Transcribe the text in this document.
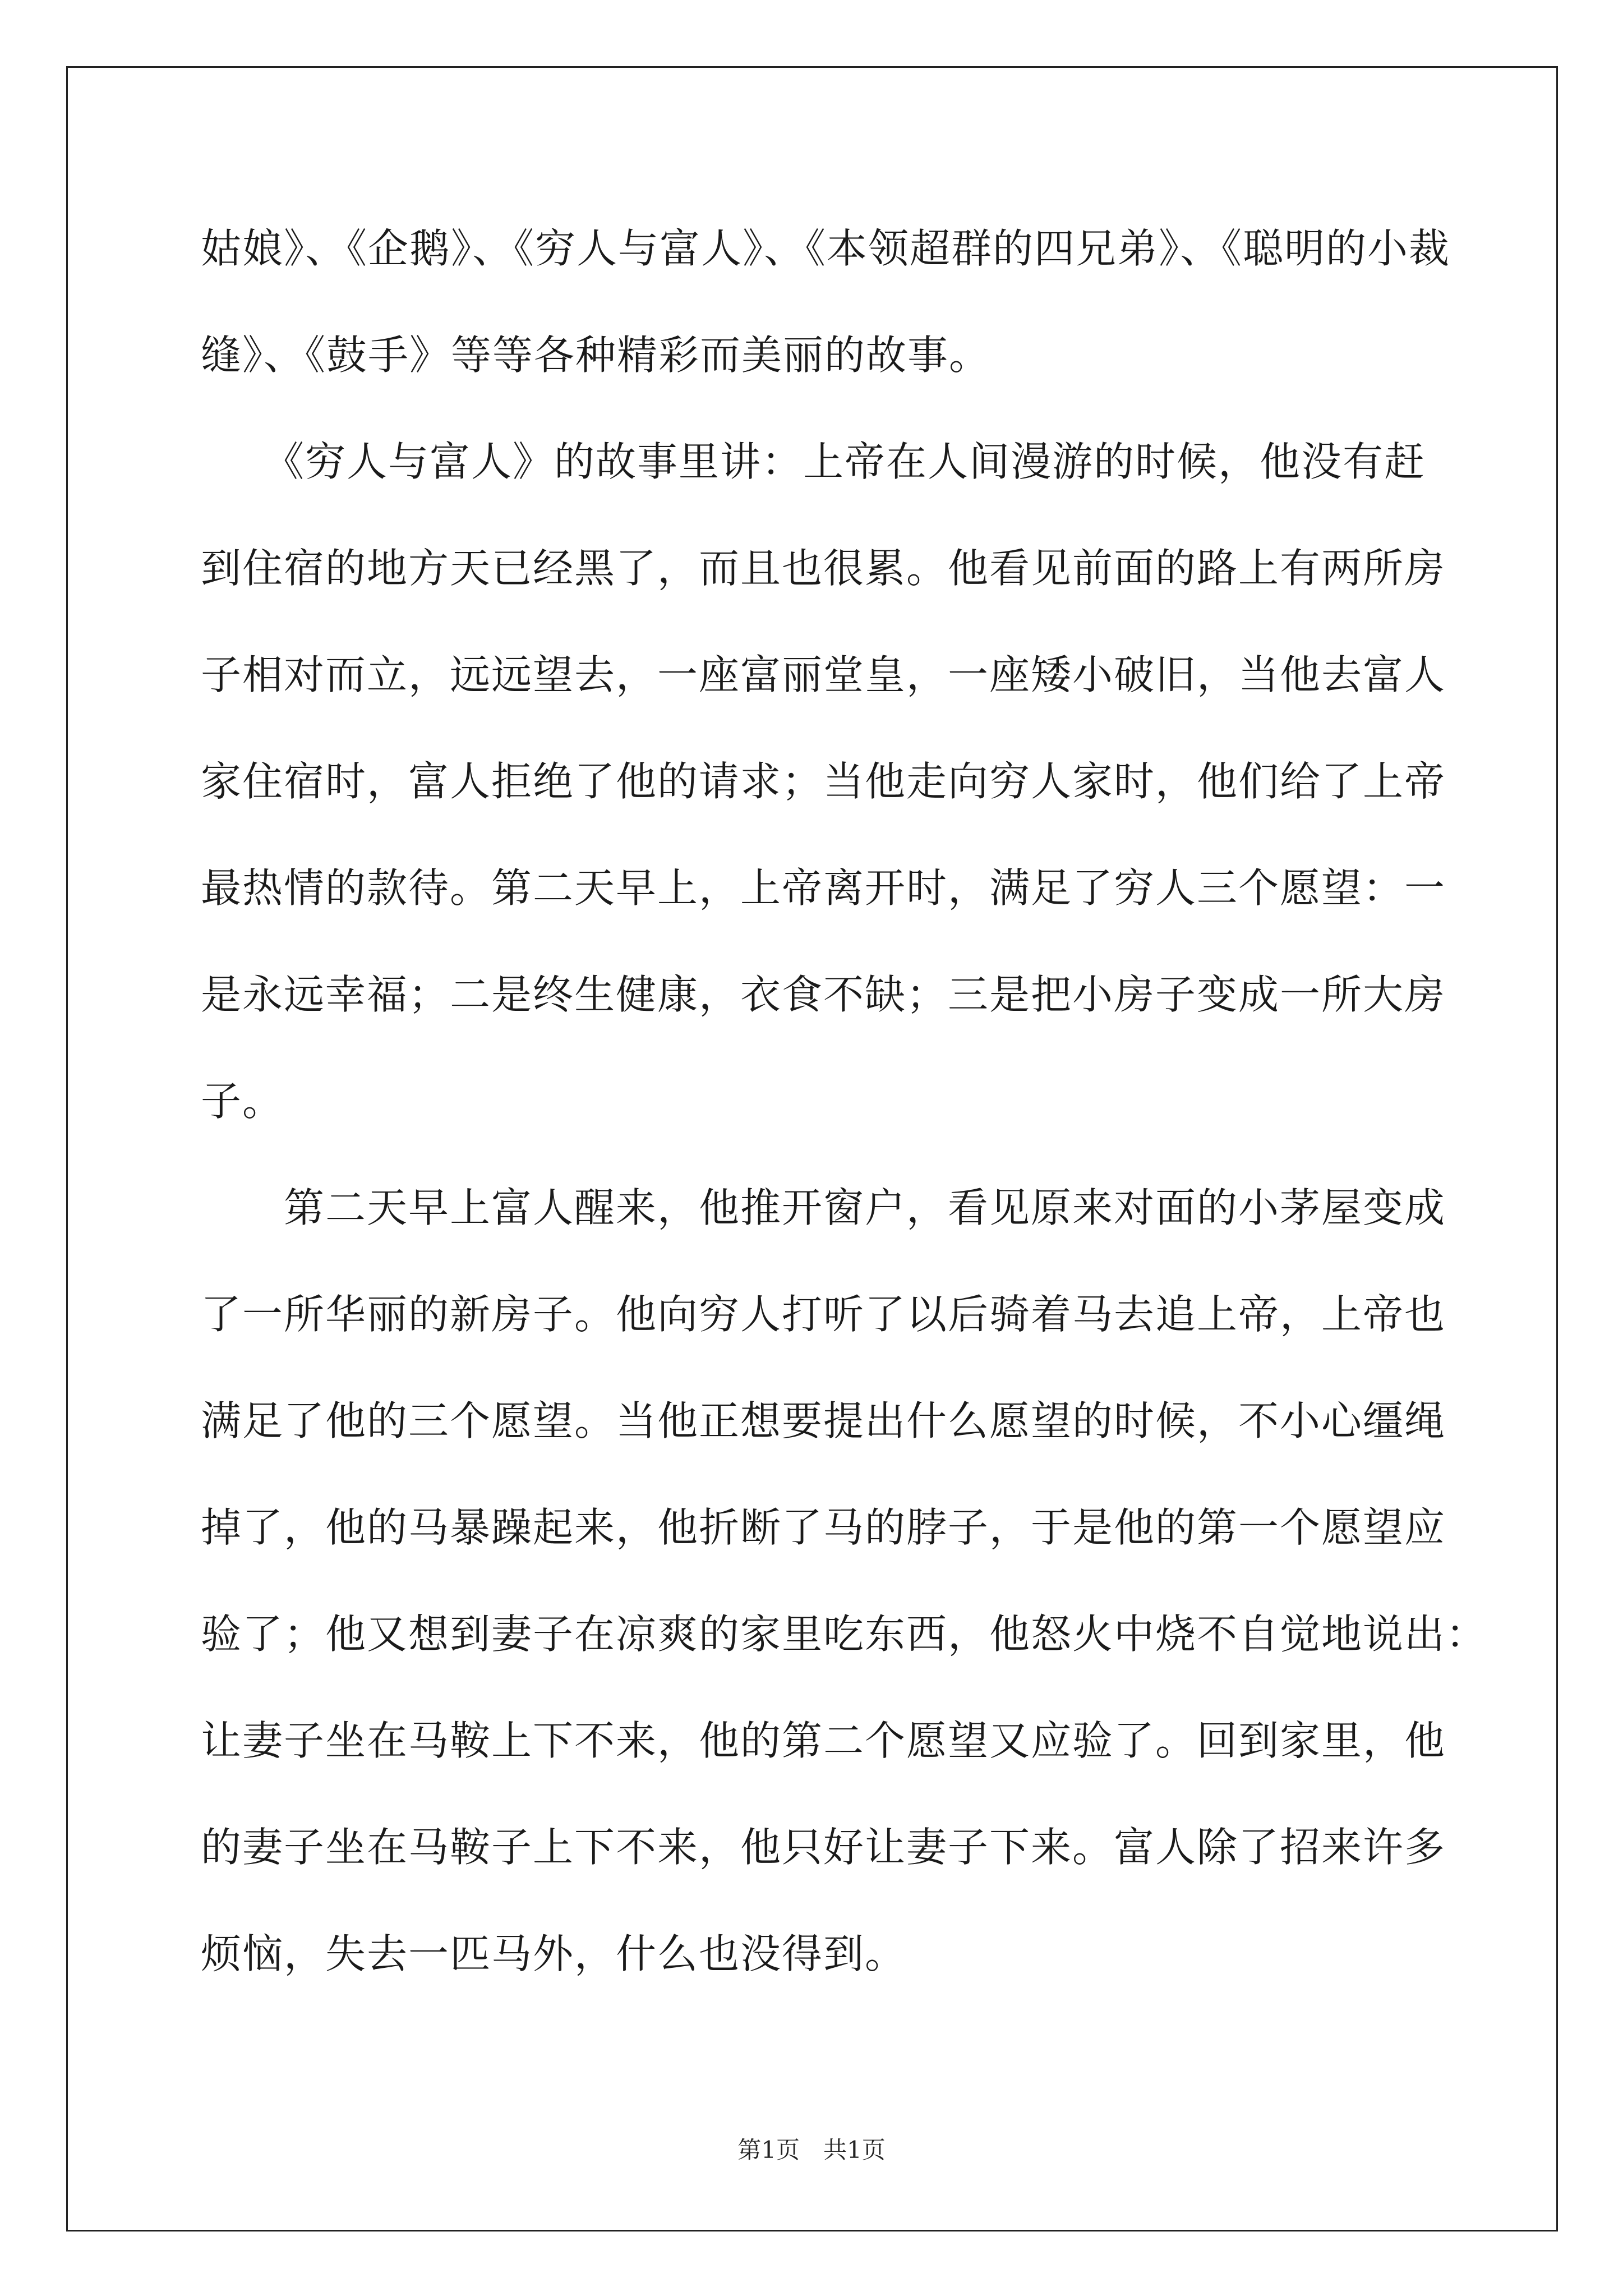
姑娘》、《企鹅》、《穷人与富人》、《本领超群的四兄弟》、《聪明的小裁
缝》、《鼓手》等等各种精彩而美丽的故事。
　　《穷人与富人》的故事里讲：上帝在人间漫游的时候，他没有赶
到住宿的地方天已经黑了，而且也很累。他看见前面的路上有两所房
子相对而立，远远望去，一座富丽堂皇，一座矮小破旧，当他去富人
家住宿时，富人拒绝了他的请求；当他走向穷人家时，他们给了上帝
最热情的款待。第二天早上，上帝离开时，满足了穷人三个愿望：一
是永远幸福；二是终生健康，衣食不缺；三是把小房子变成一所大房
子。
　　第二天早上富人醒来，他推开窗户，看见原来对面的小茅屋变成
了一所华丽的新房子。他向穷人打听了以后骑着马去追上帝，上帝也
满足了他的三个愿望。当他正想要提出什么愿望的时候，不小心缰绳
掉了，他的马暴躁起来，他折断了马的脖子，于是他的第一个愿望应
验了；他又想到妻子在凉爽的家里吃东西，他怒火中烧不自觉地说出：
让妻子坐在马鞍上下不来，他的第二个愿望又应验了。回到家里，他
的妻子坐在马鞍子上下不来，他只好让妻子下来。富人除了招来许多
烦恼，失去一匹马外，什么也没得到。
第1页　共1页
